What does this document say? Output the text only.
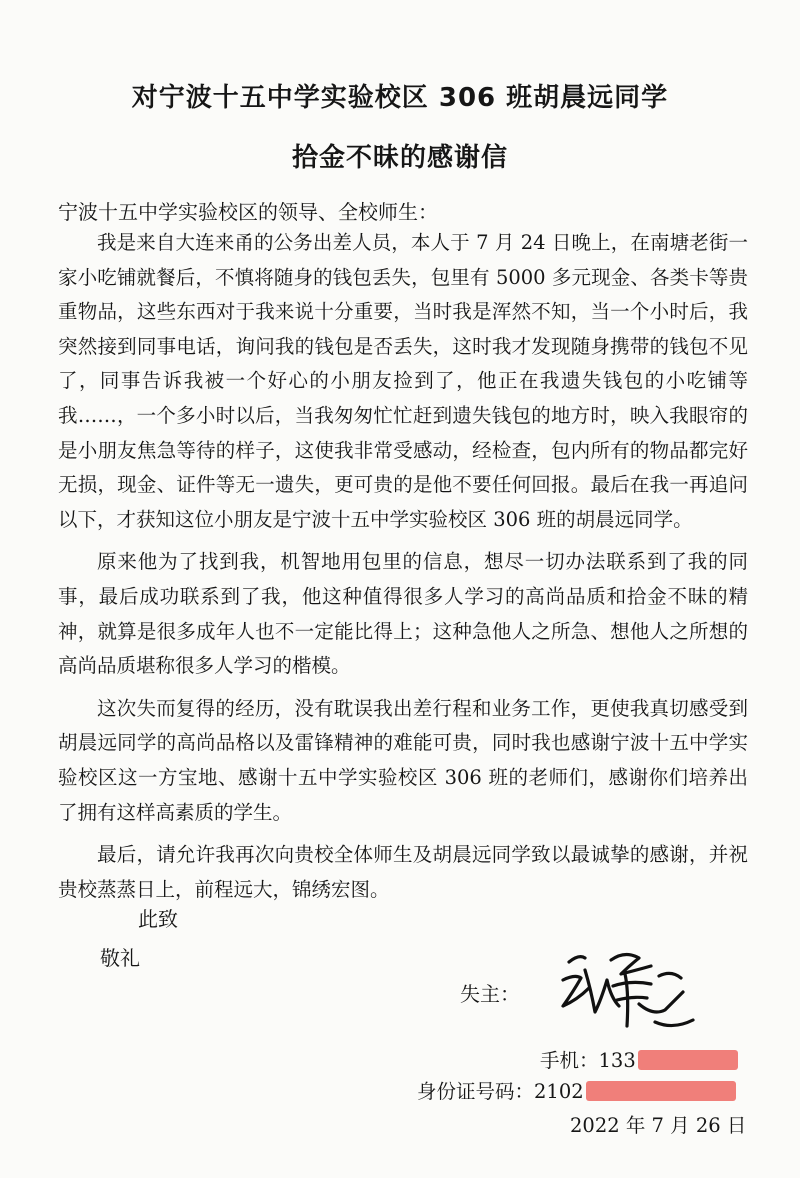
对宁波十五中学实验校区 306 班胡晨远同学
拾金不昧的感谢信

宁波十五中学实验校区的领导、全校师生：

我是来自大连来甬的公务出差人员，本人于 7 月 24 日晚上，在南塘老街一家小吃铺就餐后，不慎将随身的钱包丢失，包里有 5000 多元现金、各类卡等贵重物品，这些东西对于我来说十分重要，当时我是浑然不知，当一个小时后，我突然接到同事电话，询问我的钱包是否丢失，这时我才发现随身携带的钱包不见了，同事告诉我被一个好心的小朋友捡到了，他正在我遗失钱包的小吃铺等我……，一个多小时以后，当我匆匆忙忙赶到遗失钱包的地方时，映入我眼帘的是小朋友焦急等待的样子，这使我非常受感动，经检查，包内所有的物品都完好无损，现金、证件等无一遗失，更可贵的是他不要任何回报。最后在我一再追问以下，才获知这位小朋友是宁波十五中学实验校区 306 班的胡晨远同学。

原来他为了找到我，机智地用包里的信息，想尽一切办法联系到了我的同事，最后成功联系到了我，他这种值得很多人学习的高尚品质和拾金不昧的精神，就算是很多成年人也不一定能比得上；这种急他人之所急、想他人之所想的高尚品质堪称很多人学习的楷模。

这次失而复得的经历，没有耽误我出差行程和业务工作，更使我真切感受到胡晨远同学的高尚品格以及雷锋精神的难能可贵，同时我也感谢宁波十五中学实验校区这一方宝地、感谢十五中学实验校区 306 班的老师们，感谢你们培养出了拥有这样高素质的学生。

最后，请允许我再次向贵校全体师生及胡晨远同学致以最诚挚的感谢，并祝贵校蒸蒸日上，前程远大，锦绣宏图。

此致

敬礼

失主：

手机：133

身份证号码：2102

2022 年 7 月 26 日
